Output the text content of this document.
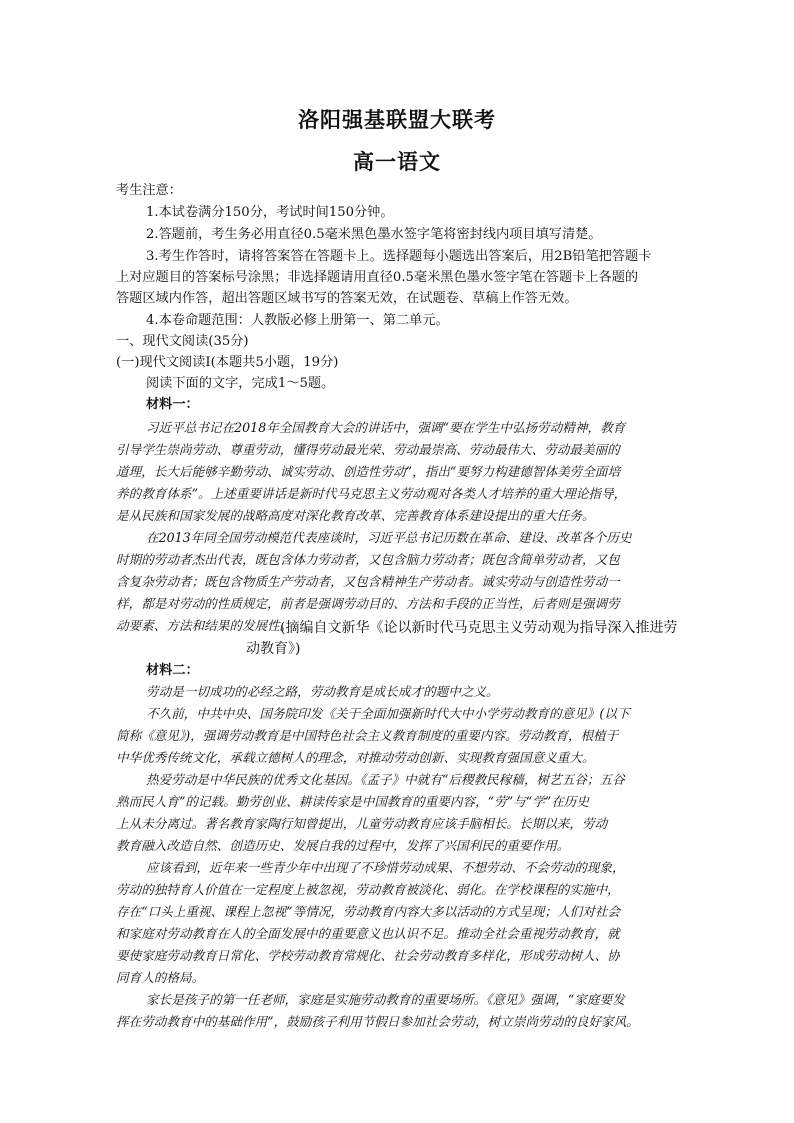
洛阳强基联盟大联考
高一语文
考生注意：
1.本试卷满分150分，考试时间150分钟。
2.答题前，考生务必用直径0.5毫米黑色墨水签字笔将密封线内项目填写清楚。
3.考生作答时，请将答案答在答题卡上。选择题每小题选出答案后，用2B铅笔把答题卡
上对应题目的答案标号涂黑；非选择题请用直径0.5毫米黑色墨水签字笔在答题卡上各题的
答题区域内作答，超出答题区域书写的答案无效，在试题卷、草稿上作答无效。
4.本卷命题范围：人教版必修上册第一、第二单元。
一、现代文阅读(35分)
(一)现代文阅读Ⅰ(本题共5小题，19分)
阅读下面的文字，完成1～5题。
材料一：
习近平总书记在2018年全国教育大会的讲话中，强调“要在学生中弘扬劳动精神，教育
引导学生崇尚劳动、尊重劳动，懂得劳动最光荣、劳动最崇高、劳动最伟大、劳动最美丽的
道理，长大后能够辛勤劳动、诚实劳动、创造性劳动”，指出“要努力构建德智体美劳全面培
养的教育体系”。上述重要讲话是新时代马克思主义劳动观对各类人才培养的重大理论指导，
是从民族和国家发展的战略高度对深化教育改革、完善教育体系建设提出的重大任务。
在2013年同全国劳动模范代表座谈时，习近平总书记历数在革命、建设、改革各个历史
时期的劳动者杰出代表，既包含体力劳动者，又包含脑力劳动者；既包含简单劳动者，又包
含复杂劳动者；既包含物质生产劳动者，又包含精神生产劳动者。诚实劳动与创造性劳动一
样，都是对劳动的性质规定，前者是强调劳动目的、方法和手段的正当性，后者则是强调劳
动要素、方法和结果的发展性。
(摘编自文新华《论以新时代马克思主义劳动观为指导深入推进劳
动教育》)
材料二：
劳动是一切成功的必经之路，劳动教育是成长成才的题中之义。
不久前，中共中央、国务院印发《关于全面加强新时代大中小学劳动教育的意见》(以下
简称《意见》)，强调劳动教育是中国特色社会主义教育制度的重要内容。劳动教育，根植于
中华优秀传统文化，承载立德树人的理念，对推动劳动创新、实现教育强国意义重大。
热爱劳动是中华民族的优秀文化基因。《孟子》中就有“后稷教民稼穑，树艺五谷；五谷
熟而民人育”的记载。勤劳创业、耕读传家是中国教育的重要内容，“劳”与“学”在历史
上从未分离过。著名教育家陶行知曾提出，儿童劳动教育应该手脑相长。长期以来，劳动
教育融入改造自然、创造历史、发展自我的过程中，发挥了兴国利民的重要作用。
应该看到，近年来一些青少年中出现了不珍惜劳动成果、不想劳动、不会劳动的现象，
劳动的独特育人价值在一定程度上被忽视，劳动教育被淡化、弱化。在学校课程的实施中，
存在“口头上重视、课程上忽视”等情况，劳动教育内容大多以活动的方式呈现；人们对社会
和家庭对劳动教育在人的全面发展中的重要意义也认识不足。推动全社会重视劳动教育，就
要使家庭劳动教育日常化、学校劳动教育常规化、社会劳动教育多样化，形成劳动树人、协
同育人的格局。
家长是孩子的第一任老师，家庭是实施劳动教育的重要场所。《意见》强调，“家庭要发
挥在劳动教育中的基础作用”，鼓励孩子利用节假日参加社会劳动，树立崇尚劳动的良好家风。
